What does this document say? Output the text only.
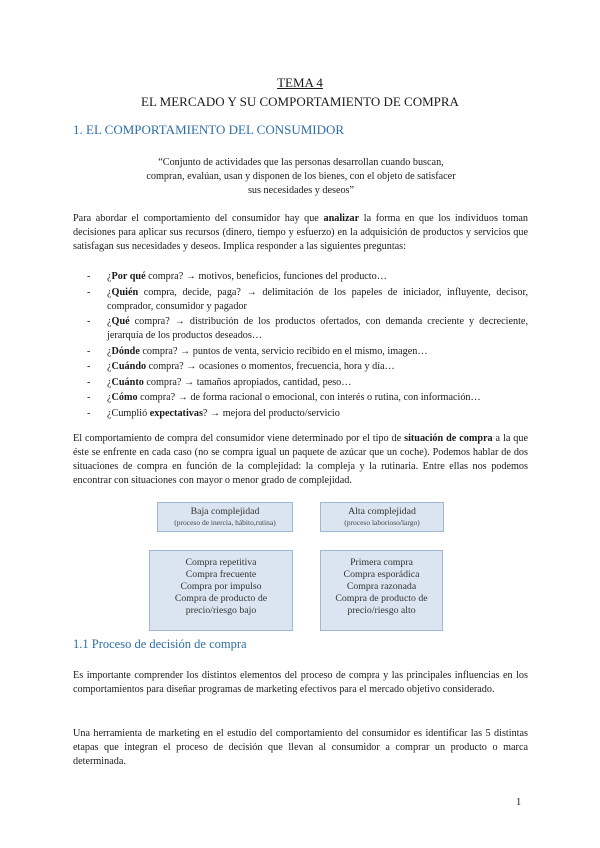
TEMA 4
EL MERCADO Y SU COMPORTAMIENTO DE COMPRA
1. EL COMPORTAMIENTO DEL CONSUMIDOR
“Conjunto de actividades que las personas desarrollan cuando buscan, compran, evalúan, usan y disponen de los bienes, con el objeto de satisfacer sus necesidades y deseos”
Para abordar el comportamiento del consumidor hay que analizar la forma en que los individuos toman decisiones para aplicar sus recursos (dinero, tiempo y esfuerzo) en la adquisición de productos y servicios que satisfagan sus necesidades y deseos. Implica responder a las siguientes preguntas:
- ¿Por qué compra? → motivos, beneficios, funciones del producto…
- ¿Quién compra, decide, paga? → delimitación de los papeles de iniciador, influyente, decisor, comprador, consumidor y pagador
- ¿Qué compra? → distribución de los productos ofertados, con demanda creciente y decreciente, jerarquía de los productos deseados…
- ¿Dónde compra? → puntos de venta, servicio recibido en el mismo, imagen…
- ¿Cuándo compra? → ocasiones o momentos, frecuencia, hora y día…
- ¿Cuánto compra? → tamaños apropiados, cantidad, peso…
- ¿Cómo compra? → de forma racional o emocional, con interés o rutina, con información…
- ¿Cumplió expectativas? → mejora del producto/servicio
El comportamiento de compra del consumidor viene determinado por el tipo de situación de compra a la que éste se enfrente en cada caso (no se compra igual un paquete de azúcar que un coche). Podemos hablar de dos situaciones de compra en función de la complejidad: la compleja y la rutinaria. Entre ellas nos podemos encontrar con situaciones con mayor o menor grado de complejidad.
Baja complejidad
(proceso de inercia, hábito,rutina)
Alta complejidad
(proceso laborioso/largo)
Compra repetitiva
Compra frecuente
Compra por impulso
Compra de producto de
precio/riesgo bajo
Primera compra
Compra esporádica
Compra razonada
Compra de producto de
precio/riesgo alto
1.1 Proceso de decisión de compra
Es importante comprender los distintos elementos del proceso de compra y las principales influencias en los comportamientos para diseñar programas de marketing efectivos para el mercado objetivo considerado.
Una herramienta de marketing en el estudio del comportamiento del consumidor es identificar las 5 distintas etapas que integran el proceso de decisión que llevan al consumidor a comprar un producto o marca determinada.
1
